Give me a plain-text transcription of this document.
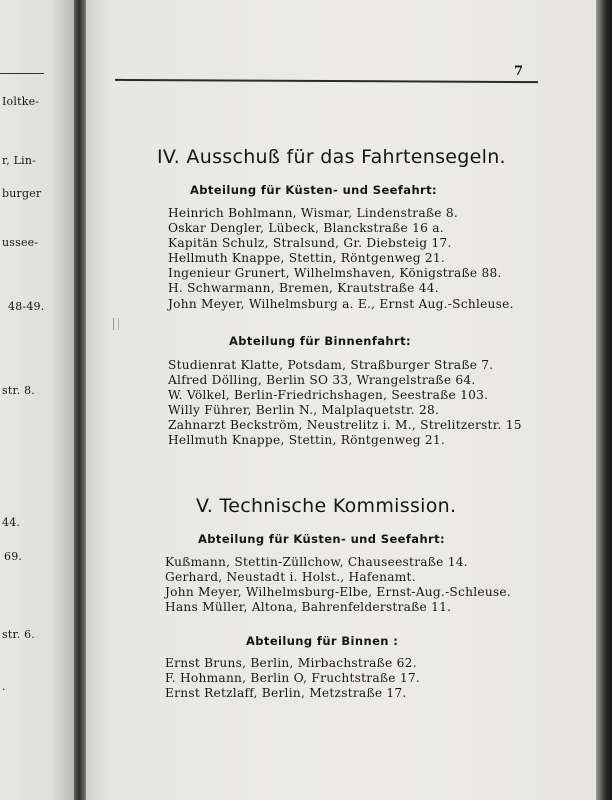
Ioltke-
r, Lin-
burger
ussee-
48-49.
str. 8.
44.
69.
str. 6.
.
7
IV. Ausschuß für das Fahrtensegeln.
Abteilung für Küsten- und Seefahrt:
Heinrich Bohlmann, Wismar, Lindenstraße 8.
Oskar Dengler, Lübeck, Blanckstraße 16 a.
Kapitän Schulz, Stralsund, Gr. Diebsteig 17.
Hellmuth Knappe, Stettin, Röntgenweg 21.
Ingenieur Grunert, Wilhelmshaven, Königstraße 88.
H. Schwarmann, Bremen, Krautstraße 44.
John Meyer, Wilhelmsburg a. E., Ernst Aug.-Schleuse.
Abteilung für Binnenfahrt:
Studienrat Klatte, Potsdam, Straßburger Straße 7.
Alfred Dölling, Berlin SO 33, Wrangelstraße 64.
W. Völkel, Berlin-Friedrichshagen, Seestraße 103.
Willy Führer, Berlin N., Malplaquetstr. 28.
Zahnarzt Beckström, Neustrelitz i. M., Strelitzerstr. 15
Hellmuth Knappe, Stettin, Röntgenweg 21.
V. Technische Kommission.
Abteilung für Küsten- und Seefahrt:
Kußmann, Stettin-Züllchow, Chauseestraße 14.
Gerhard, Neustadt i. Holst., Hafenamt.
John Meyer, Wilhelmsburg-Elbe, Ernst-Aug.-Schleuse.
Hans Müller, Altona, Bahrenfelderstraße 11.
Abteilung für Binnen :
Ernst Bruns, Berlin, Mirbachstraße 62.
F. Hohmann, Berlin O, Fruchtstraße 17.
Ernst Retzlaff, Berlin, Metzstraße 17.
